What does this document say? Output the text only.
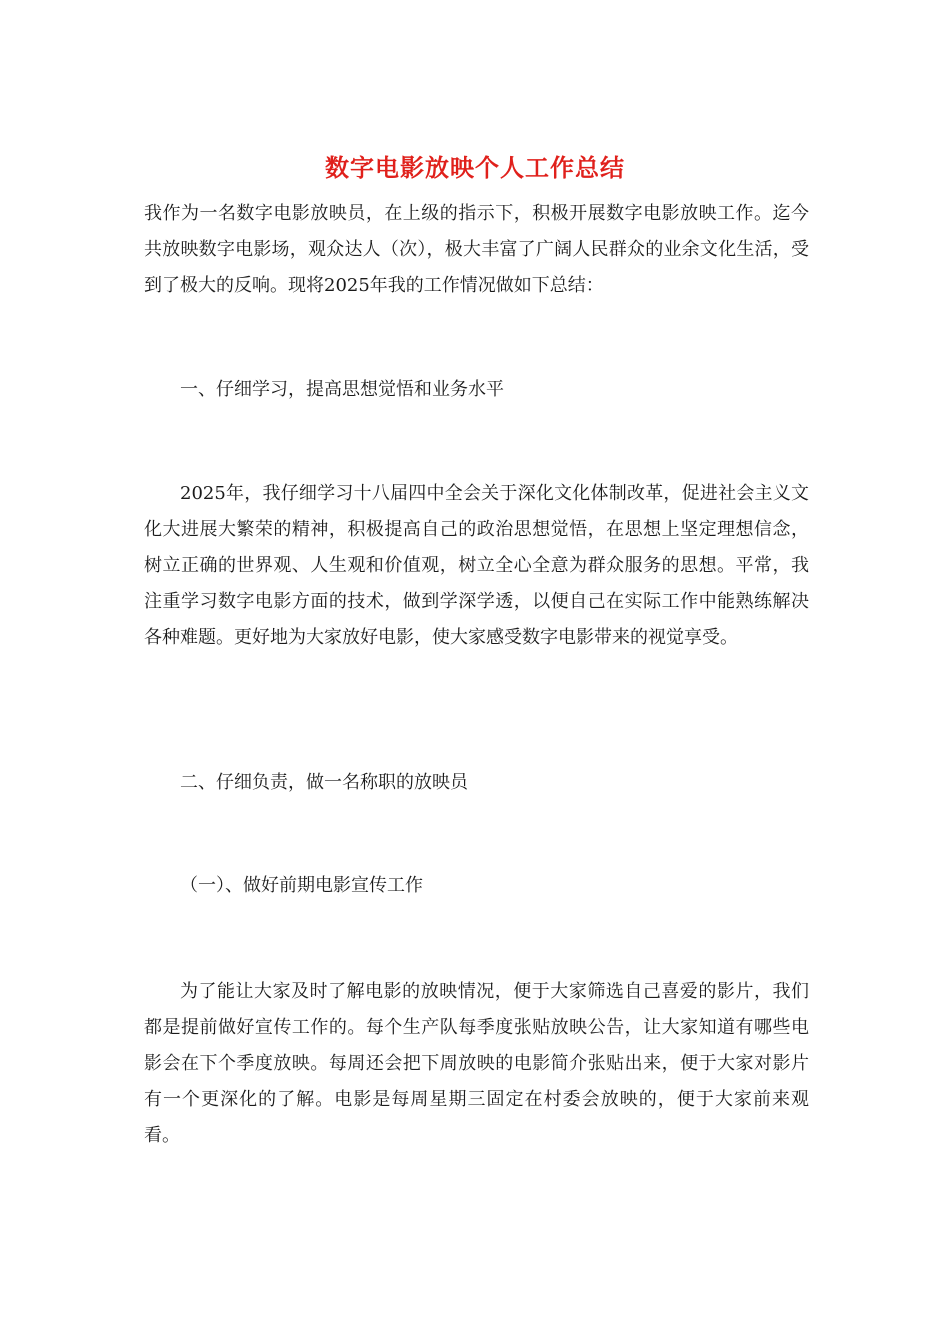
数字电影放映个人工作总结

我作为一名数字电影放映员，在上级的指示下，积极开展数字电影放映工作。迄今共放映数字电影场，观众达人（次），极大丰富了广阔人民群众的业余文化生活，受到了极大的反响。现将2025年我的工作情况做如下总结：

一、仔细学习，提高思想觉悟和业务水平

2025年，我仔细学习十八届四中全会关于深化文化体制改革，促进社会主义文化大进展大繁荣的精神，积极提高自己的政治思想觉悟，在思想上坚定理想信念，树立正确的世界观、人生观和价值观，树立全心全意为群众服务的思想。平常，我注重学习数字电影方面的技术，做到学深学透，以便自己在实际工作中能熟练解决各种难题。更好地为大家放好电影，使大家感受数字电影带来的视觉享受。

二、仔细负责，做一名称职的放映员

（一）、做好前期电影宣传工作

为了能让大家及时了解电影的放映情况，便于大家筛选自己喜爱的影片，我们都是提前做好宣传工作的。每个生产队每季度张贴放映公告，让大家知道有哪些电影会在下个季度放映。每周还会把下周放映的电影简介张贴出来，便于大家对影片有一个更深化的了解。电影是每周星期三固定在村委会放映的，便于大家前来观看。
